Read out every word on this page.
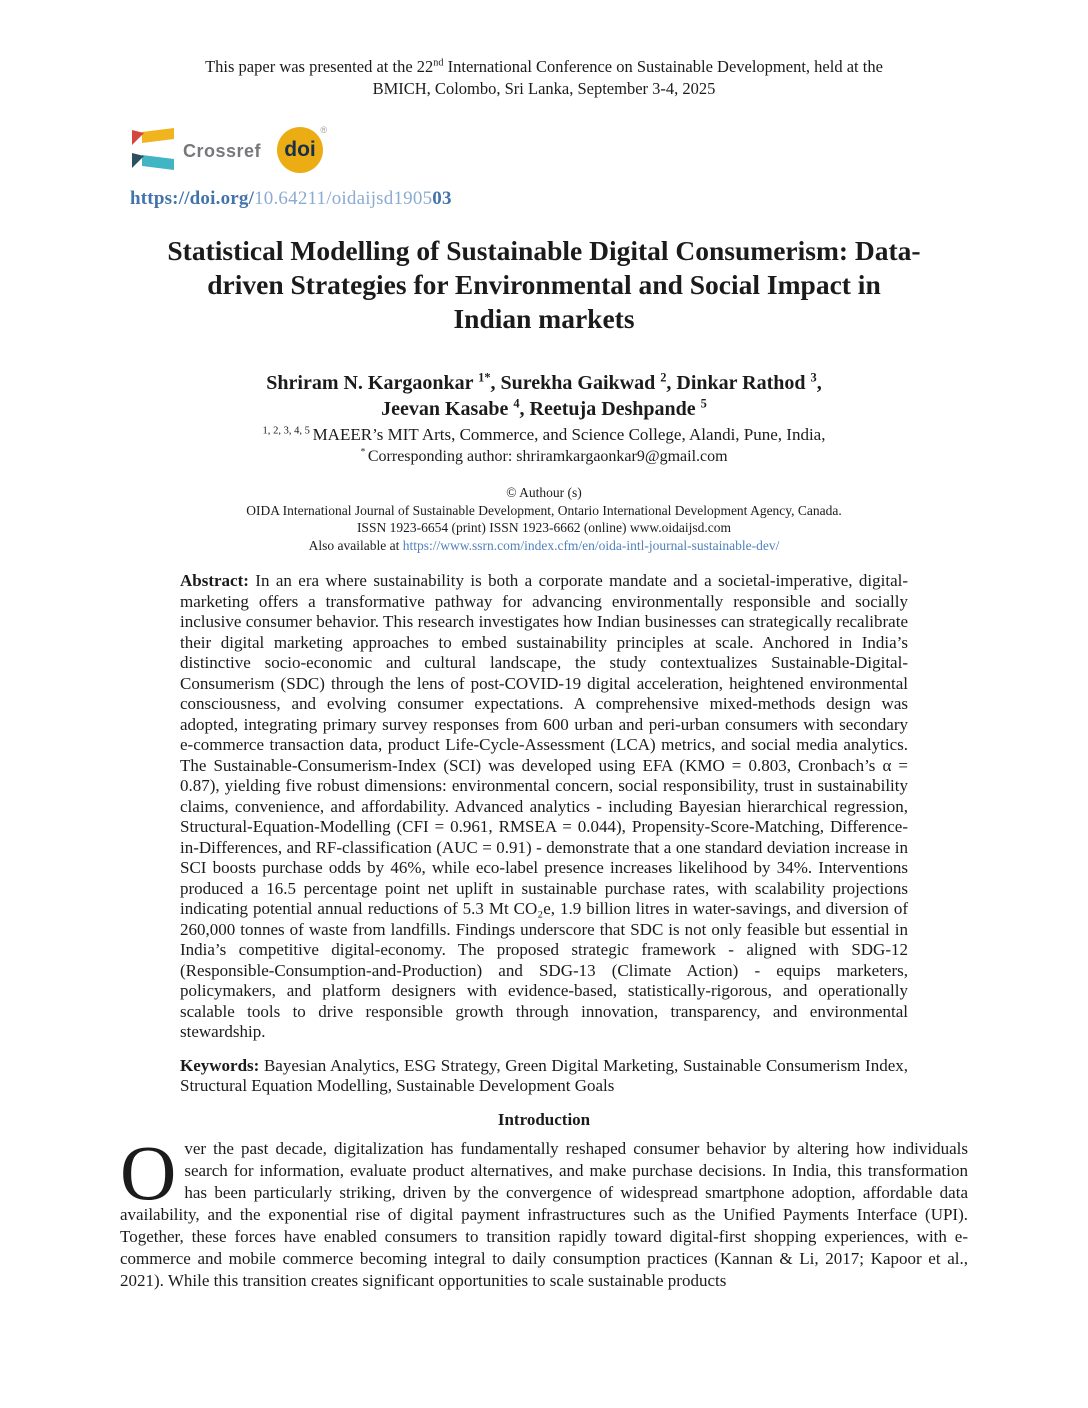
This paper was presented at the 22nd International Conference on Sustainable Development, held at the
BMICH, Colombo, Sri Lanka, September 3-4, 2025
Crossref	doi
®
https://doi.org/10.64211/oidaijsd190503
Statistical Modelling of Sustainable Digital Consumerism: Data-
driven Strategies for Environmental and Social Impact in
Indian markets
Shriram N. Kargaonkar $^{1*}$, Surekha Gaikwad $^2$, Dinkar Rathod $^3$,
Jeevan Kasabe $^4$, Reetuja Deshpande $^5$
$^{1, 2, 3, 4, 5}$ MAEER’s MIT Arts, Commerce, and Science College, Alandi, Pune, India,
* Corresponding author: shriramkargaonkar9@gmail.com
© Authour (s)
OIDA International Journal of Sustainable Development, Ontario International Development Agency, Canada.
ISSN 1923-6654 (print) ISSN 1923-6662 (online) www.oidaijsd.com
Also available at https://www.ssrn.com/index.cfm/en/oida-intl-journal-sustainable-dev/
Abstract: In an era where sustainability is both a corporate mandate and a societal-imperative, digital-marketing offers a transformative pathway for advancing environmentally responsible and socially inclusive consumer behavior. This research investigates how Indian businesses can strategically recalibrate their digital marketing approaches to embed sustainability principles at scale. Anchored in India’s distinctive socio-economic and cultural landscape, the study contextualizes Sustainable-Digital-Consumerism (SDC) through the lens of post-COVID-19 digital acceleration, heightened environmental consciousness, and evolving consumer expectations. A comprehensive mixed-methods design was adopted, integrating primary survey responses from 600 urban and peri-urban consumers with secondary e-commerce transaction data, product Life-Cycle-Assessment (LCA) metrics, and social media analytics. The Sustainable-Consumerism-Index (SCI) was developed using EFA (KMO = 0.803, Cronbach’s α = 0.87), yielding five robust dimensions: environmental concern, social responsibility, trust in sustainability claims, convenience, and affordability. Advanced analytics - including Bayesian hierarchical regression, Structural-Equation-Modelling (CFI = 0.961, RMSEA = 0.044), Propensity-Score-Matching, Difference-in-Differences, and RF-classification (AUC = 0.91) - demonstrate that a one standard deviation increase in SCI boosts purchase odds by 46%, while eco-label presence increases likelihood by 34%. Interventions produced a 16.5 percentage point net uplift in sustainable purchase rates, with scalability projections indicating potential annual reductions of 5.3 Mt CO₂e, 1.9 billion litres in water-savings, and diversion of 260,000 tonnes of waste from landfills. Findings underscore that SDC is not only feasible but essential in India’s competitive digital-economy. The proposed strategic framework - aligned with SDG-12 (Responsible-Consumption-and-Production) and SDG-13 (Climate Action) - equips marketers, policymakers, and platform designers with evidence-based, statistically-rigorous, and operationally scalable tools to drive responsible growth through innovation, transparency, and environmental stewardship.
Keywords: Bayesian Analytics, ESG Strategy, Green Digital Marketing, Sustainable Consumerism Index, Structural Equation Modelling, Sustainable Development Goals
Introduction
Over the past decade, digitalization has fundamentally reshaped consumer behavior by altering how individuals search for information, evaluate product alternatives, and make purchase decisions. In India, this transformation has been particularly striking, driven by the convergence of widespread smartphone adoption, affordable data availability, and the exponential rise of digital payment infrastructures such as the Unified Payments Interface (UPI). Together, these forces have enabled consumers to transition rapidly toward digital-first shopping experiences, with e-commerce and mobile commerce becoming integral to daily consumption practices (Kannan & Li, 2017; Kapoor et al., 2021). While this transition creates significant opportunities to scale sustainable products
